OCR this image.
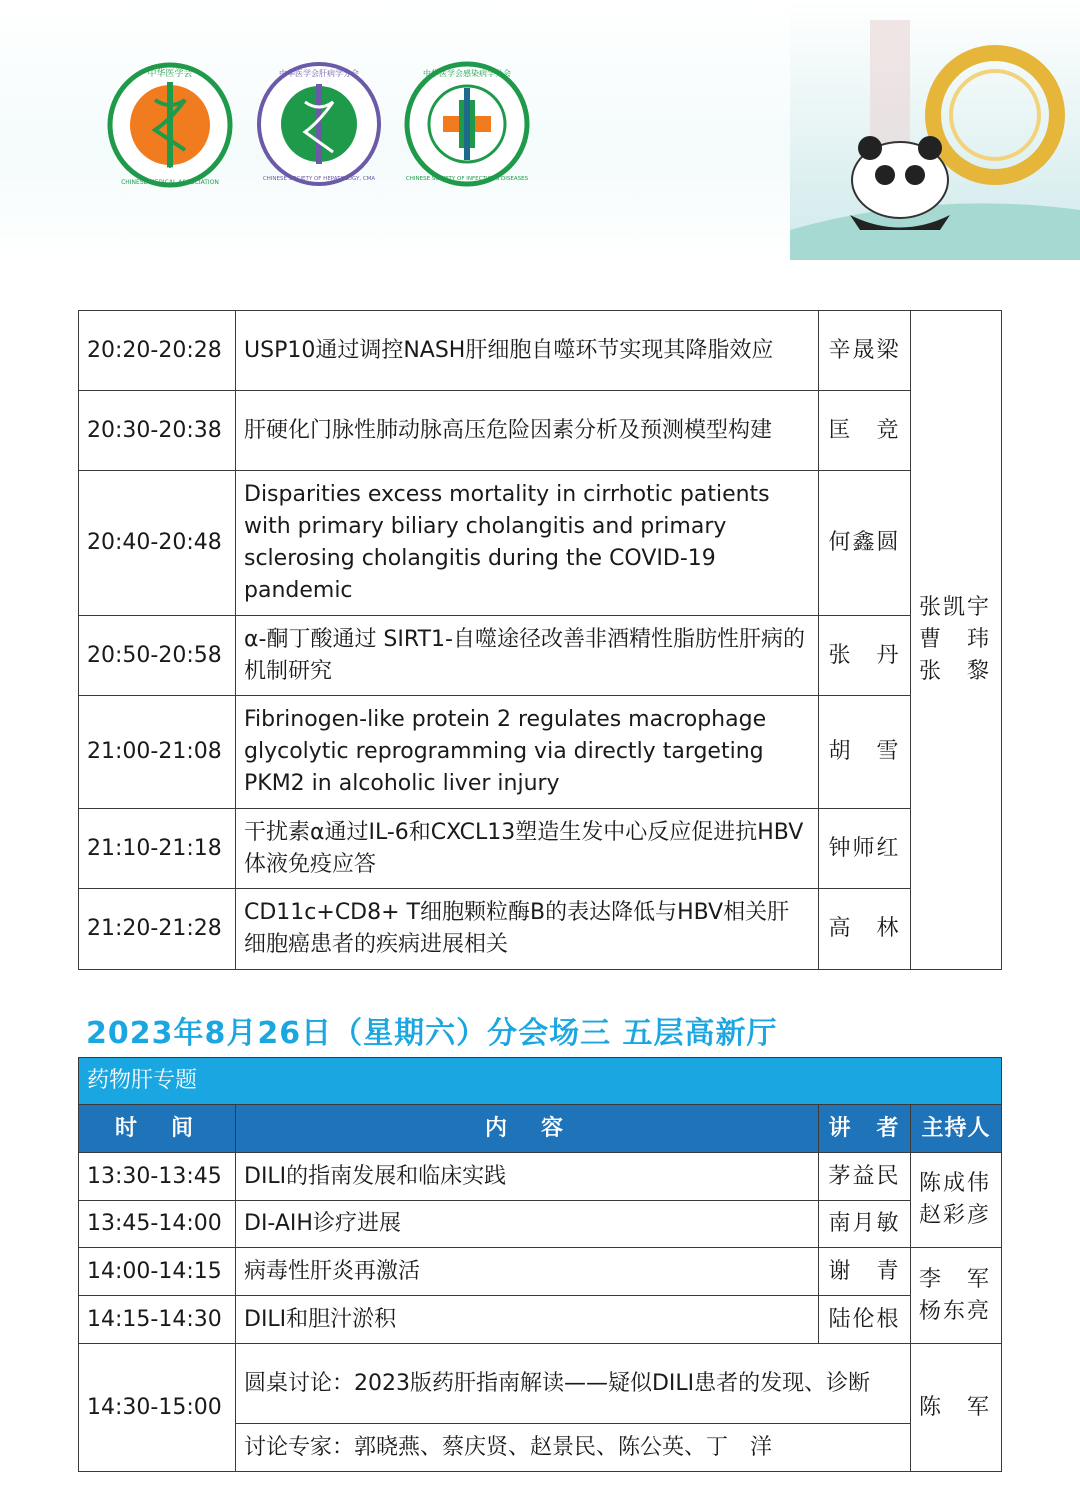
中华医学会
CHINESE MEDICAL ASSOCIATION
1915
中华医学会肝病学分会
CHINESE SOCIETY OF HEPATOLOGY, CMA
中华医学会感染病学分会
CHINESE SOCIETY OF INFECTIOUS DISEASES
20:20-20:28	USP10通过调控NASH肝细胞自噬环节实现其降脂效应	辛晟梁	张凯宇
曹　玮
张　黎

20:30-20:38	肝硬化门脉性肺动脉高压危险因素分析及预测模型构建	匡　竞	
20:40-20:48	Disparities excess mortality in cirrhotic patients with primary biliary cholangitis and primary sclerosing cholangitis during the COVID-19 pandemic	何鑫圆	
20:50-20:58	α-酮丁酸通过 SIRT1-自噬途径改善非酒精性脂肪性肝病的机制研究	张　丹	
21:00-21:08	Fibrinogen-like protein 2 regulates macrophage glycolytic reprogramming via directly targeting PKM2 in alcoholic liver injury	胡　雪	
21:10-21:18	干扰素α通过IL-6和CXCL13塑造生发中心反应促进抗HBV体液免疫应答	钟师红	
21:20-21:28	CD11c+CD8+ T细胞颗粒酶B的表达降低与HBV相关肝细胞癌患者的疾病进展相关	高　林	
2023年8月26日（星期六）分会场三 五层高新厅
药物肝专题			
时　间	内　容	讲　者	主持人
13:30-13:45	DILI的指南发展和临床实践	茅益民	陈成伟
赵彩彦

13:45-14:00	DI-AIH诊疗进展	南月敏	
14:00-14:15	病毒性肝炎再激活	谢　青	李　军
杨东亮

14:15-14:30	DILI和胆汁淤积	陆伦根	
14:30-15:00	圆桌讨论：2023版药肝指南解读——疑似DILI患者的发现、诊断		陈　军
	讨论专家：郭晓燕、蔡庆贤、赵景民、陈公英、丁　洋		
